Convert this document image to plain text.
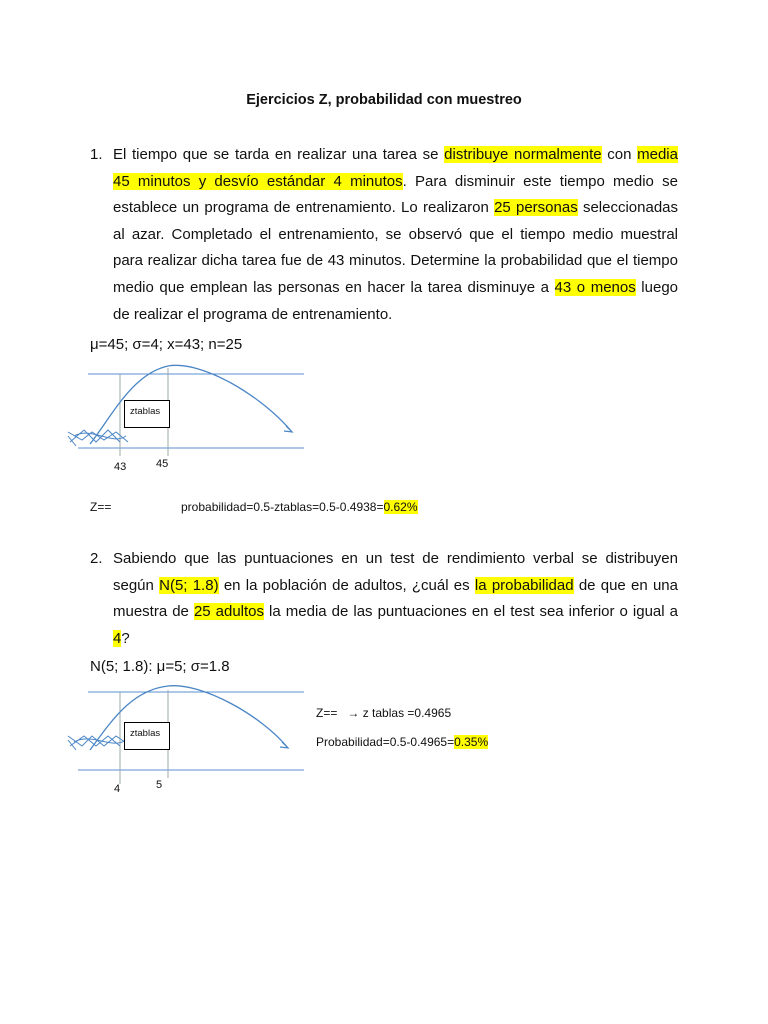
Ejercicios Z, probabilidad con muestreo
1. El tiempo que se tarda en realizar una tarea se distribuye normalmente con media 45 minutos y desvío estándar 4 minutos. Para disminuir este tiempo medio se establece un programa de entrenamiento. Lo realizaron 25 personas seleccionadas al azar. Completado el entrenamiento, se observó que el tiempo medio muestral para realizar dicha tarea fue de 43 minutos. Determine la probabilidad que el tiempo medio que emplean las personas en hacer la tarea disminuye a 43 o menos luego de realizar el programa de entrenamiento.
μ=45; σ=4; x=43; n=25
ztablas
43	45
Z==	probabilidad=0.5-ztablas=0.5-0.4938=0.62%
2. Sabiendo que las puntuaciones en un test de rendimiento verbal se distribuyen según N(5; 1.8) en la población de adultos, ¿cuál es la probabilidad de que en una muestra de 25 adultos la media de las puntuaciones en el test sea inferior o igual a 4?
N(5; 1.8): μ=5; σ=1.8
ztablas
4	5
Z== → z tablas =0.4965
Probabilidad=0.5-0.4965=0.35%
